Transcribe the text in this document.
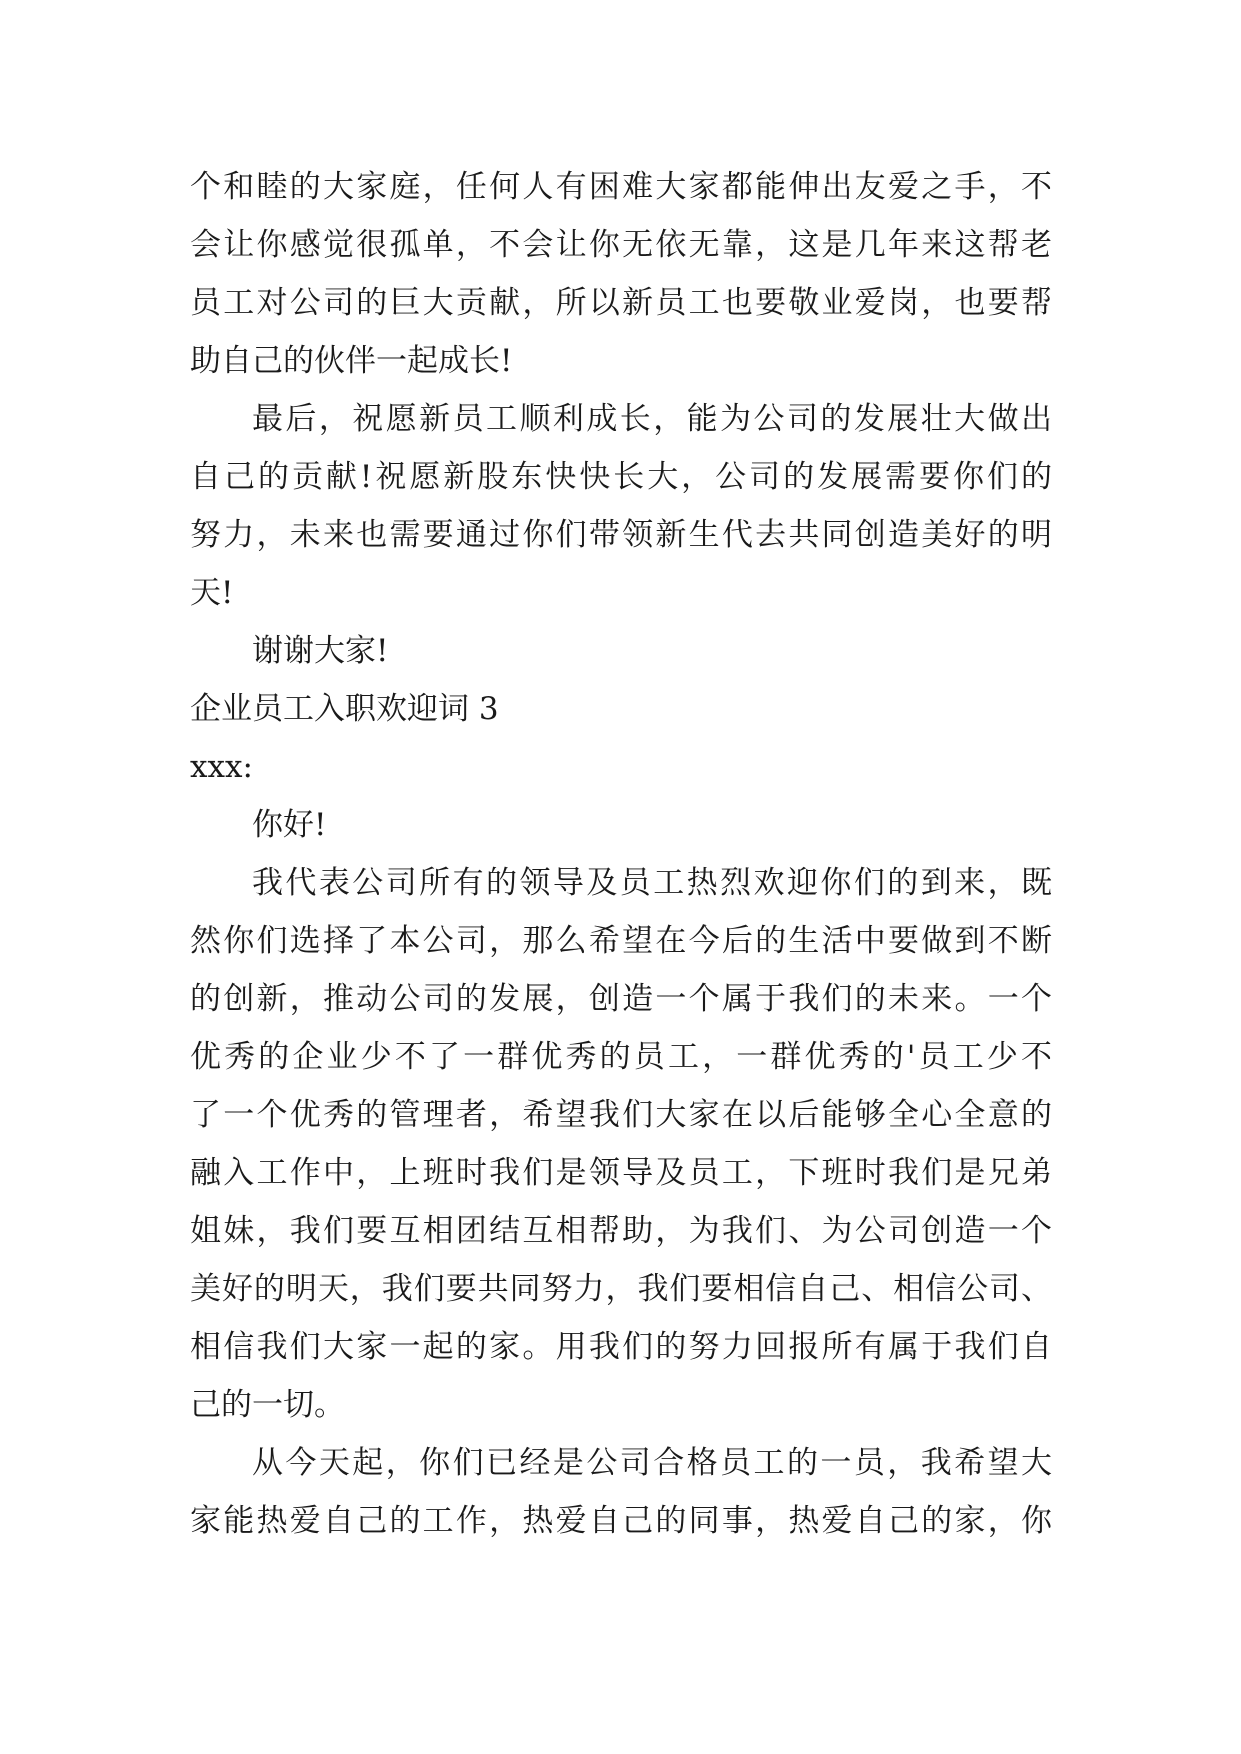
个和睦的大家庭，任何人有困难大家都能伸出友爱之手，不
会让你感觉很孤单，不会让你无依无靠，这是几年来这帮老
员工对公司的巨大贡献，所以新员工也要敬业爱岗，也要帮
助自己的伙伴一起成长!
最后，祝愿新员工顺利成长，能为公司的发展壮大做出
自己的贡献!祝愿新股东快快长大，公司的发展需要你们的
努力，未来也需要通过你们带领新生代去共同创造美好的明
天!
谢谢大家!
企业员工入职欢迎词 3
xxx:
你好!
我代表公司所有的领导及员工热烈欢迎你们的到来，既
然你们选择了本公司，那么希望在今后的生活中要做到不断
的创新，推动公司的发展，创造一个属于我们的未来。一个
优秀的企业少不了一群优秀的员工，一群优秀的'员工少不
了一个优秀的管理者，希望我们大家在以后能够全心全意的
融入工作中，上班时我们是领导及员工，下班时我们是兄弟
姐妹，我们要互相团结互相帮助，为我们、为公司创造一个
美好的明天，我们要共同努力，我们要相信自己、相信公司、
相信我们大家一起的家。用我们的努力回报所有属于我们自
己的一切。
从今天起，你们已经是公司合格员工的一员，我希望大
家能热爱自己的工作，热爱自己的同事，热爱自己的家，你
